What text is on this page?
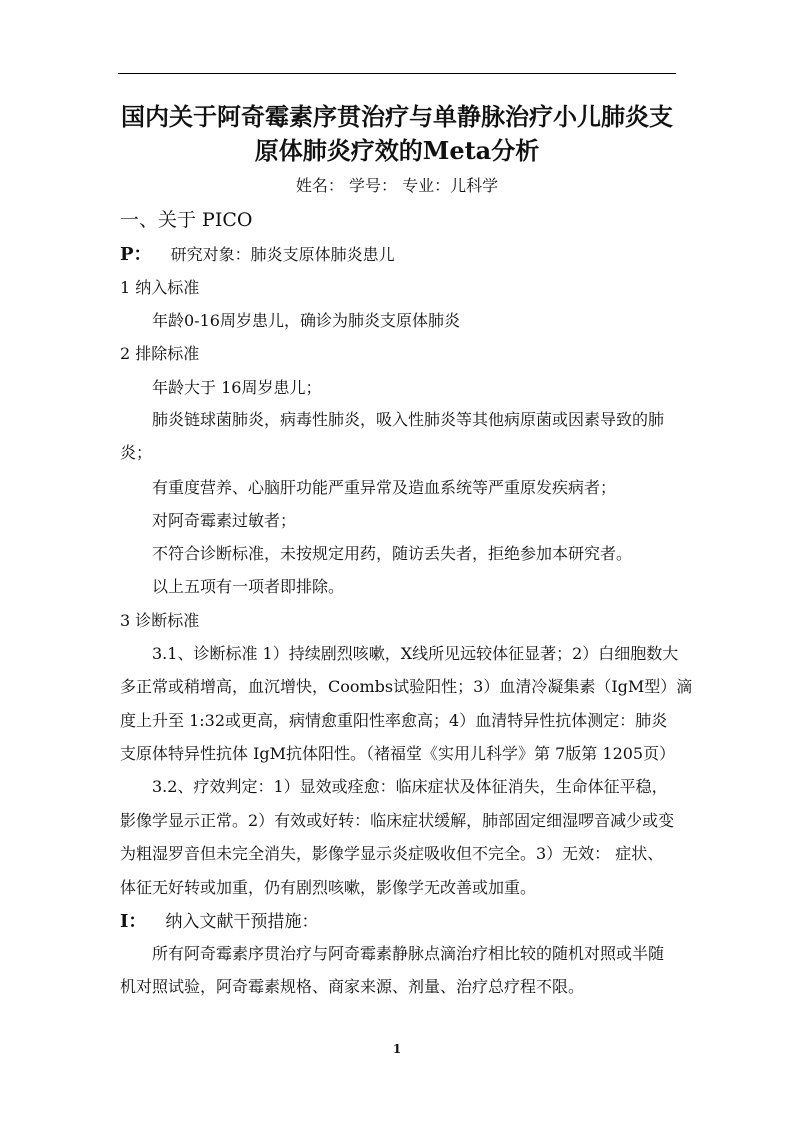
国内关于阿奇霉素序贯治疗与单静脉治疗小儿肺炎支
原体肺炎疗效的Meta分析
姓名： 学号： 专业：儿科学
一、关于 PICO
P： 研究对象：肺炎支原体肺炎患儿
1 纳入标准
年龄0-16周岁患儿，确诊为肺炎支原体肺炎
2 排除标准
年龄大于 16周岁患儿；
肺炎链球菌肺炎，病毒性肺炎，吸入性肺炎等其他病原菌或因素导致的肺
炎；
有重度营养、心脑肝功能严重异常及造血系统等严重原发疾病者；
对阿奇霉素过敏者；
不符合诊断标准，未按规定用药，随访丢失者，拒绝参加本研究者。
以上五项有一项者即排除。
3 诊断标准
3.1、诊断标准 1）持续剧烈咳嗽，X线所见远较体征显著；2）白细胞数大
多正常或稍增高，血沉增快，Coombs试验阳性；3）血清冷凝集素（IgM型）滴
度上升至 1:32或更高，病情愈重阳性率愈高；4）血清特异性抗体测定：肺炎
支原体特异性抗体 IgM抗体阳性。（褚福堂《实用儿科学》第 7版第 1205页）
3.2、疗效判定：1）显效或痊愈：临床症状及体征消失，生命体征平稳，
影像学显示正常。2）有效或好转：临床症状缓解，肺部固定细湿啰音减少或变
为粗湿罗音但未完全消失，影像学显示炎症吸收但不完全。3）无效： 症状、
体征无好转或加重，仍有剧烈咳嗽，影像学无改善或加重。
I： 纳入文献干预措施：
所有阿奇霉素序贯治疗与阿奇霉素静脉点滴治疗相比较的随机对照或半随
机对照试验，阿奇霉素规格、商家来源、剂量、治疗总疗程不限。
1
